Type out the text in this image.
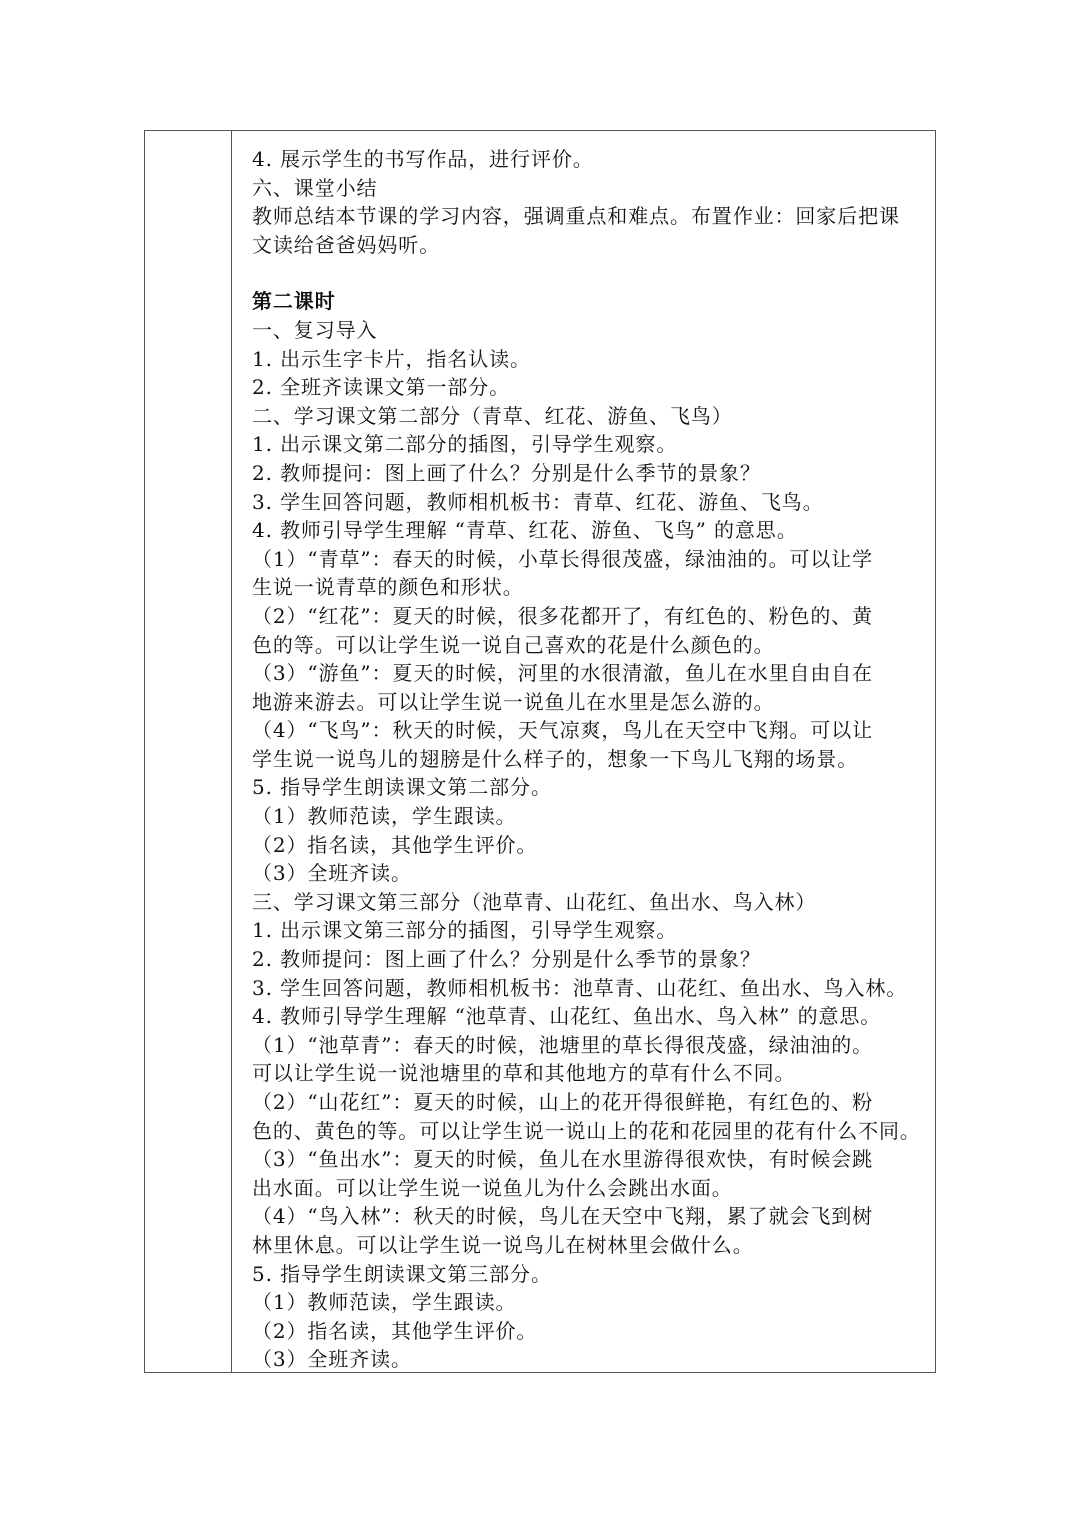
4. 展示学生的书写作品，进行评价。
六、课堂小结
教师总结本节课的学习内容，强调重点和难点。布置作业：回家后把课
文读给爸爸妈妈听。
第二课时
一、复习导入
1. 出示生字卡片，指名认读。
2. 全班齐读课文第一部分。
二、学习课文第二部分（青草、红花、游鱼、飞鸟）
1. 出示课文第二部分的插图，引导学生观察。
2. 教师提问：图上画了什么？分别是什么季节的景象？
3. 学生回答问题，教师相机板书：青草、红花、游鱼、飞鸟。
4. 教师引导学生理解 “青草、红花、游鱼、飞鸟” 的意思。
（1）“青草”：春天的时候，小草长得很茂盛，绿油油的。可以让学
生说一说青草的颜色和形状。
（2）“红花”：夏天的时候，很多花都开了，有红色的、粉色的、黄
色的等。可以让学生说一说自己喜欢的花是什么颜色的。
（3）“游鱼”：夏天的时候，河里的水很清澈，鱼儿在水里自由自在
地游来游去。可以让学生说一说鱼儿在水里是怎么游的。
（4）“飞鸟”：秋天的时候，天气凉爽，鸟儿在天空中飞翔。可以让
学生说一说鸟儿的翅膀是什么样子的，想象一下鸟儿飞翔的场景。
5. 指导学生朗读课文第二部分。
（1）教师范读，学生跟读。
（2）指名读，其他学生评价。
（3）全班齐读。
三、学习课文第三部分（池草青、山花红、鱼出水、鸟入林）
1. 出示课文第三部分的插图，引导学生观察。
2. 教师提问：图上画了什么？分别是什么季节的景象？
3. 学生回答问题，教师相机板书：池草青、山花红、鱼出水、鸟入林。
4. 教师引导学生理解 “池草青、山花红、鱼出水、鸟入林” 的意思。
（1）“池草青”：春天的时候，池塘里的草长得很茂盛，绿油油的。
可以让学生说一说池塘里的草和其他地方的草有什么不同。
（2）“山花红”：夏天的时候，山上的花开得很鲜艳，有红色的、粉
色的、黄色的等。可以让学生说一说山上的花和花园里的花有什么不同。
（3）“鱼出水”：夏天的时候，鱼儿在水里游得很欢快，有时候会跳
出水面。可以让学生说一说鱼儿为什么会跳出水面。
（4）“鸟入林”：秋天的时候，鸟儿在天空中飞翔，累了就会飞到树
林里休息。可以让学生说一说鸟儿在树林里会做什么。
5. 指导学生朗读课文第三部分。
（1）教师范读，学生跟读。
（2）指名读，其他学生评价。
（3）全班齐读。
